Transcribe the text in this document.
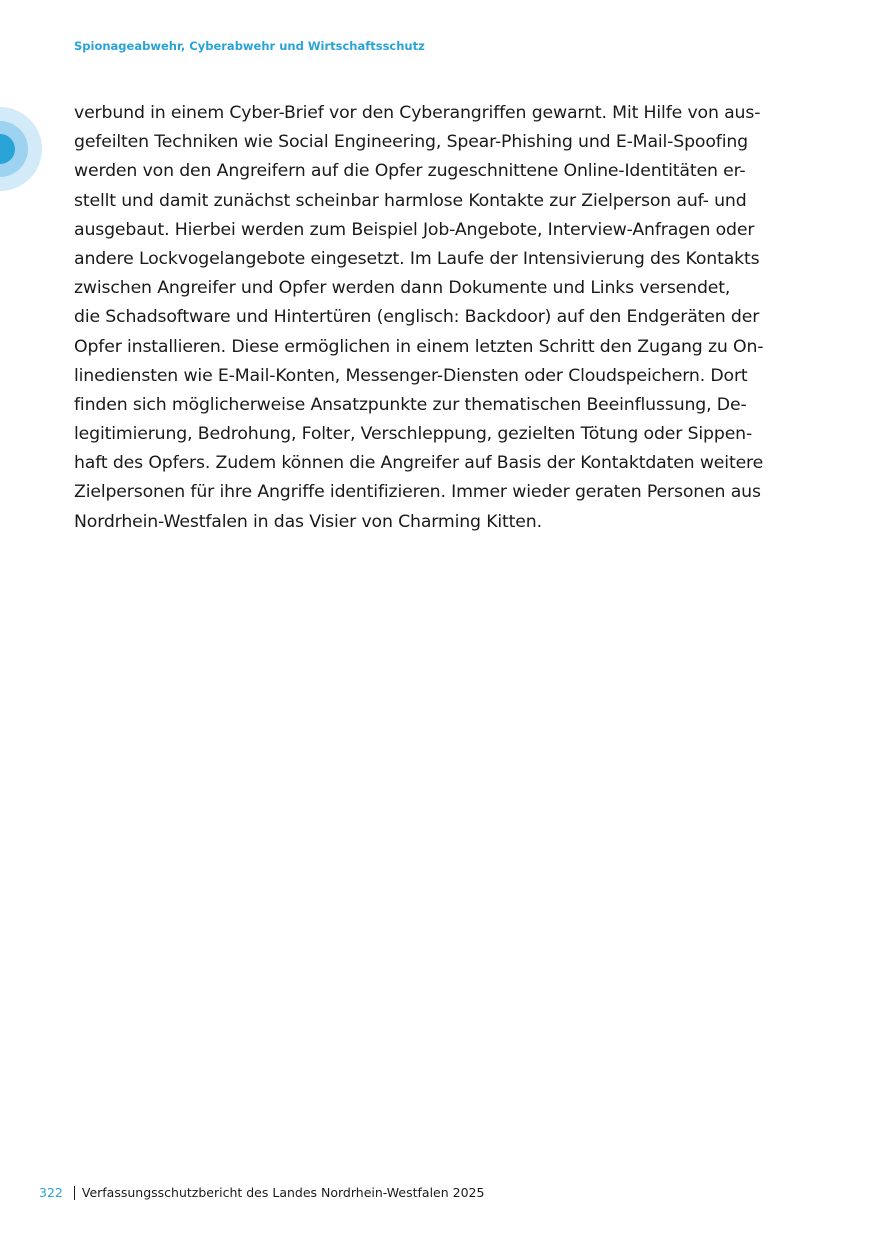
Spionageabwehr, Cyberabwehr und Wirtschaftsschutz
verbund in einem Cyber-Brief vor den Cyberangriffen gewarnt. Mit Hilfe von aus-
gefeilten Techniken wie Social Engineering, Spear-Phishing und E-Mail-Spoofing
werden von den Angreifern auf die Opfer zugeschnittene Online-Identitäten er-
stellt und damit zunächst scheinbar harmlose Kontakte zur Zielperson auf- und
ausgebaut. Hierbei werden zum Beispiel Job-Angebote, Interview-Anfragen oder
andere Lockvogelangebote eingesetzt. Im Laufe der Intensivierung des Kontakts
zwischen Angreifer und Opfer werden dann Dokumente und Links versendet,
die Schadsoftware und Hintertüren (englisch: Backdoor) auf den Endgeräten der
Opfer installieren. Diese ermöglichen in einem letzten Schritt den Zugang zu On-
linediensten wie E-Mail-Konten, Messenger-Diensten oder Cloudspeichern. Dort
finden sich möglicherweise Ansatzpunkte zur thematischen Beeinflussung, De-
legitimierung, Bedrohung, Folter, Verschleppung, gezielten Tötung oder Sippen-
haft des Opfers. Zudem können die Angreifer auf Basis der Kontaktdaten weitere
Zielpersonen für ihre Angriffe identifizieren. Immer wieder geraten Personen aus
Nordrhein-Westfalen in das Visier von Charming Kitten.
322 Verfassungsschutzbericht des Landes Nordrhein-Westfalen 2025
